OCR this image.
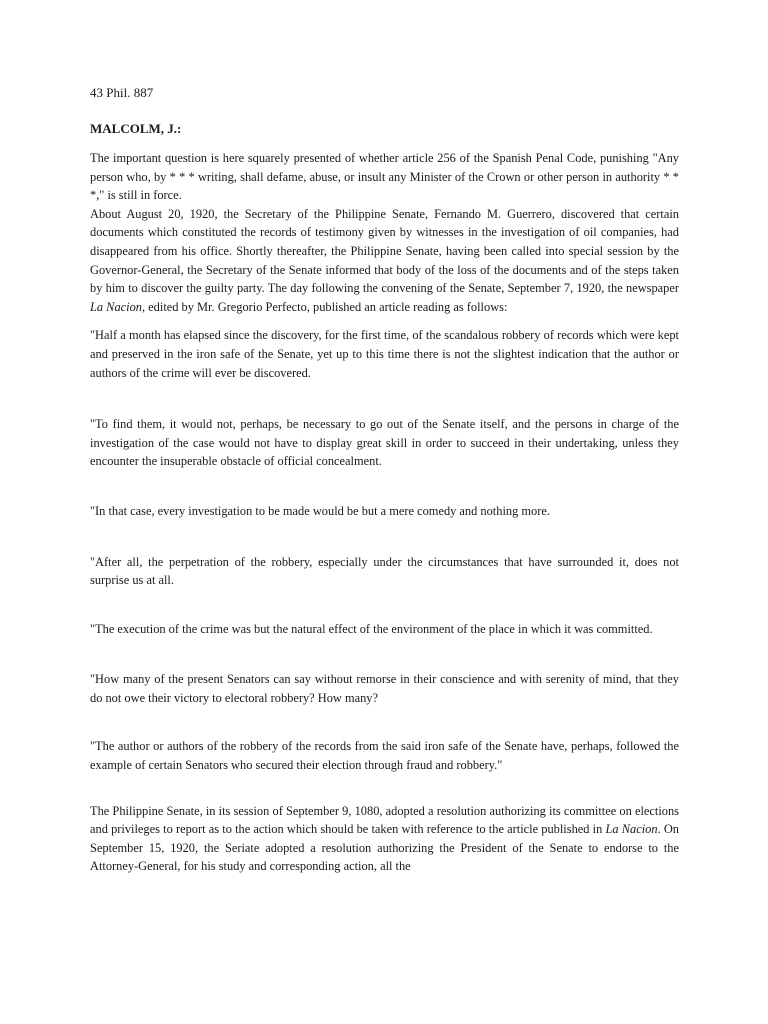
43 Phil. 887

MALCOLM, J.:

The important question is here squarely presented of whether article 256 of the Spanish Penal Code, punishing "Any person who, by * * * writing, shall defame, abuse, or insult any Minister of the Crown or other person in authority * * *," is still in force.

About August 20, 1920, the Secretary of the Philippine Senate, Fernando M. Guerrero, discovered that certain documents which constituted the records of testimony given by witnesses in the investigation of oil companies, had disappeared from his office. Shortly thereafter, the Philippine Senate, having been called into special session by the Governor-General, the Secretary of the Senate informed that body of the loss of the documents and of the steps taken by him to discover the guilty party. The day following the convening of the Senate, September 7, 1920, the newspaper La Nacion, edited by Mr. Gregorio Perfecto, published an article reading as follows:

"Half a month has elapsed since the discovery, for the first time, of the scandalous robbery of records which were kept and preserved in the iron safe of the Senate, yet up to this time there is not the slightest indication that the author or authors of the crime will ever be discovered.

"To find them, it would not, perhaps, be necessary to go out of the Senate itself, and the persons in charge of the investigation of the case would not have to display great skill in order to succeed in their undertaking, unless they encounter the insuperable obstacle of official concealment.

"In that case, every investigation to be made would be but a mere comedy and nothing more.

"After all, the perpetration of the robbery, especially under the circumstances that have surrounded it, does not surprise us at all.

"The execution of the crime was but the natural effect of the environment of the place in which it was committed.

"How many of the present Senators can say without remorse in their conscience and with serenity of mind, that they do not owe their victory to electoral robbery? How many?

"The author or authors of the robbery of the records from the said iron safe of the Senate have, perhaps, followed the example of certain Senators who secured their election through fraud and robbery."

The Philippine Senate, in its session of September 9, 1080, adopted a resolution authorizing its committee on elections and privileges to report as to the action which should be taken with reference to the article published in La Nacion. On September 15, 1920, the Seriate adopted a resolution authorizing the President of the Senate to endorse to the Attorney-General, for his study and corresponding action, all the
